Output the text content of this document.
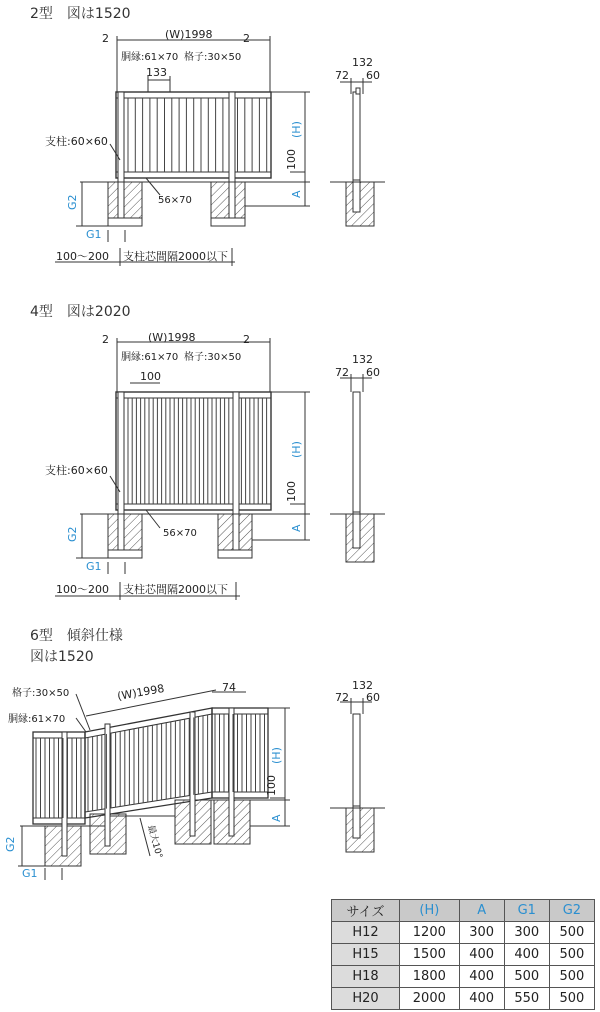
2型　図は1520
4型　図は2020
6型　傾斜仕様
図は1520
2	2
(W)1998
胴縁:61×70 格子:30×50
133
支柱:60×60
56×70
(H)
100
A
G2
G1
100～200 支柱芯間隔2000以下
132
72 60
2	2
(W)1998
胴縁:61×70 格子:30×50
100
支柱:60×60
56×70
(H)
100
A
G2
G1
100～200 支柱芯間隔2000以下
132
72 60
格子:30×50
胴縁:61×70
(W)1998	74
(H)
100
A
G2
G1
最大10°
132
72 60
サイズ	(H)	A	G1	G2
H12	1200	300	300	500
H15	1500	400	400	500
H18	1800	400	500	500
H20	2000	400	550	500
